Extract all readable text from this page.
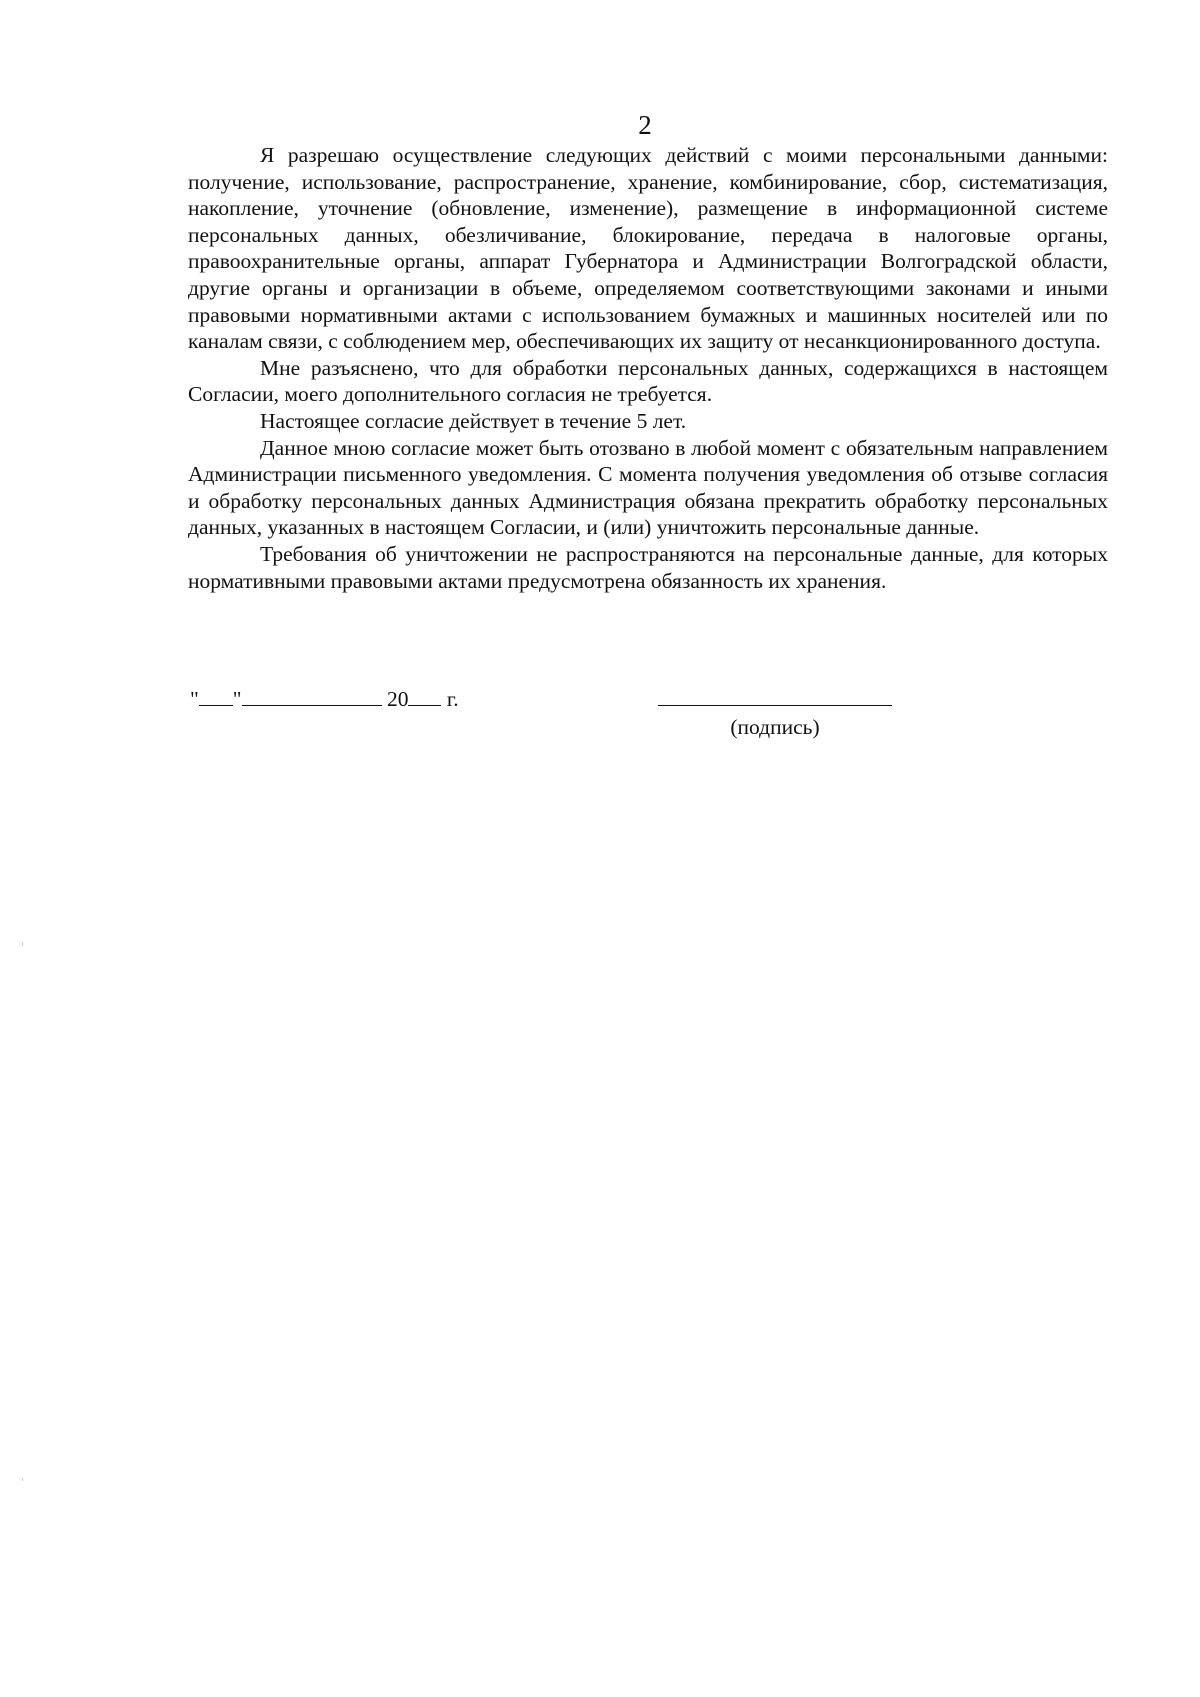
2

Я разрешаю осуществление следующих действий с моими персональными данными: получение, использование, распространение, хранение, комбинирование, сбор, систематизация, накопление, уточнение (обновление, изменение), размещение в информационной системе персональных данных, обезличивание, блокирование, передача в налоговые органы, правоохранительные органы, аппарат Губернатора и Администрации Волгоградской области, другие органы и организации в объеме, определяемом соответствующими законами и иными правовыми нормативными актами с использованием бумажных и машинных носителей или по каналам связи, с соблюдением мер, обеспечивающих их защиту от несанкционированного доступа.

Мне разъяснено, что для обработки персональных данных, содержащихся в настоящем Согласии, моего дополнительного согласия не требуется.

Настоящее согласие действует в течение 5 лет.

Данное мною согласие может быть отозвано в любой момент с обязательным направлением Администрации письменного уведомления. С момента получения уведомления об отзыве согласия и обработку персональных данных Администрация обязана прекратить обработку персональных данных, указанных в настоящем Согласии, и (или) уничтожить персональные данные.

Требования об уничтожении не распространяются на персональные данные, для которых нормативными правовыми актами предусмотрена обязанность их хранения.

" "	20 г.
(подпись)
